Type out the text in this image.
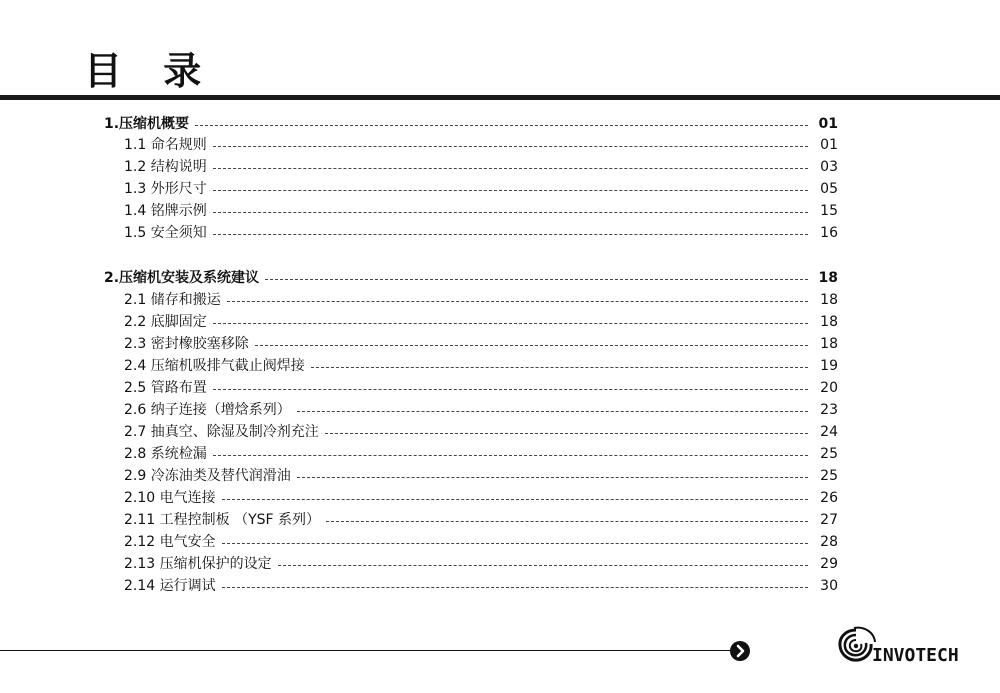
目 录
1.压缩机概要	01
1.1 命名规则	01
1.2 结构说明	03
1.3 外形尺寸	05
1.4 铭牌示例	15
1.5 安全须知	16
2.压缩机安装及系统建议	18
2.1 储存和搬运	18
2.2 底脚固定	18
2.3 密封橡胶塞移除	18
2.4 压缩机吸排气截止阀焊接	19
2.5 管路布置	20
2.6 纳子连接（增焓系列）	23
2.7 抽真空、除湿及制冷剂充注	24
2.8 系统检漏	25
2.9 冷冻油类及替代润滑油	25
2.10 电气连接	26
2.11 工程控制板 （YSF 系列）	27
2.12 电气安全	28
2.13 压缩机保护的设定	29
2.14 运行调试	30
INVOTECH
